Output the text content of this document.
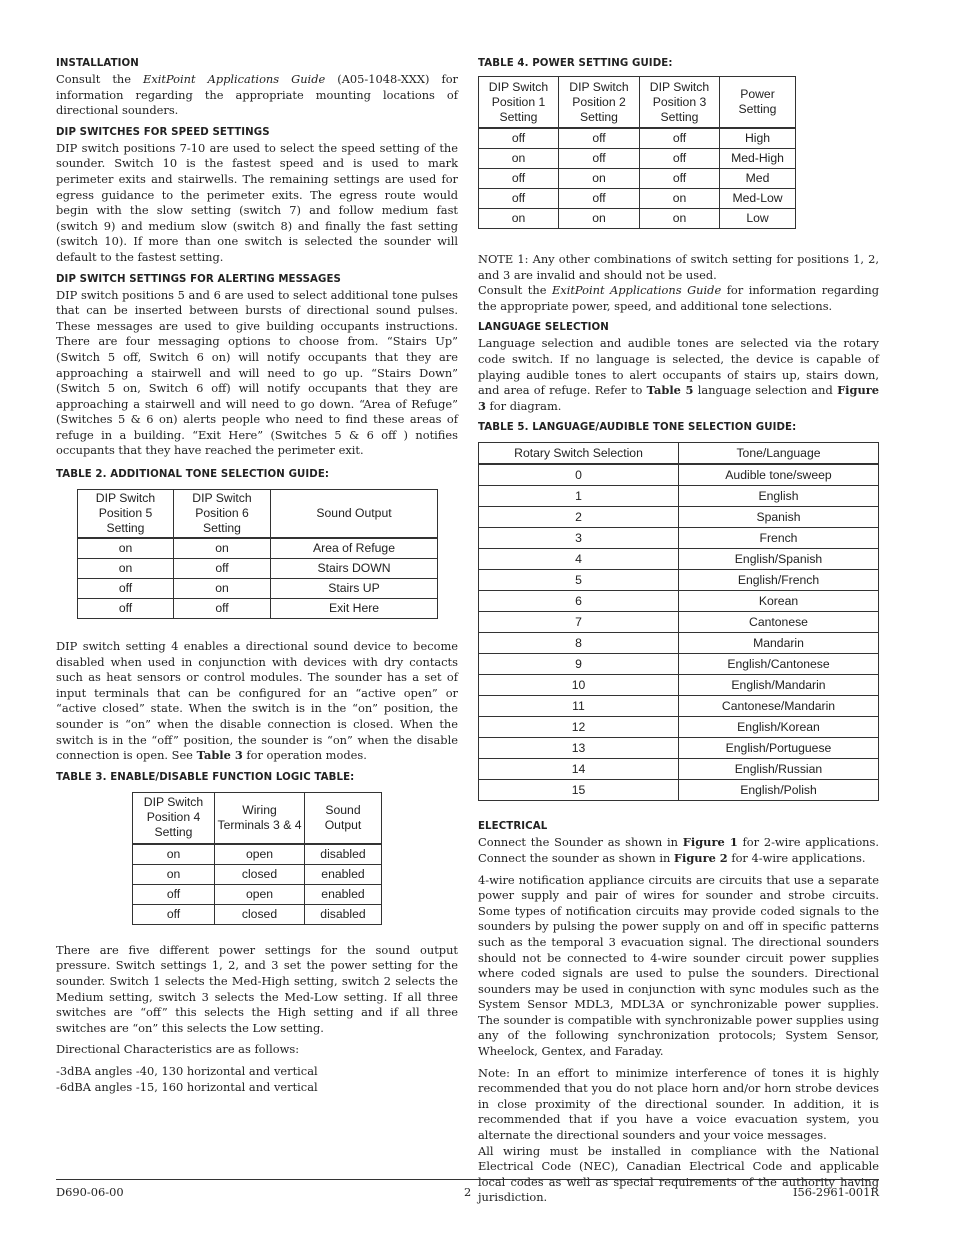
INSTALLATION

Consult the ExitPoint Applications Guide (A05-1048-XXX) for information regarding the appropriate mounting locations of directional sounders.

DIP SWITCHES FOR SPEED SETTINGS

DIP switch positions 7-10 are used to select the speed setting of the sounder. Switch 10 is the fastest speed and is used to mark perimeter exits and stairwells. The remaining settings are used for egress guidance to the perimeter exits. The egress route would begin with the slow setting (switch 7) and follow medium fast (switch 9) and medium slow (switch 8) and finally the fast setting (switch 10). If more than one switch is selected the sounder will default to the fastest setting.

DIP SWITCH SETTINGS FOR ALERTING MESSAGES

DIP switch positions 5 and 6 are used to select additional tone pulses that can be inserted between bursts of directional sound pulses. These messages are used to give building occupants instructions. There are four messaging options to choose from. “Stairs Up” (Switch 5 off, Switch 6 on) will notify occupants that they are approaching a stairwell and will need to go up. “Stairs Down” (Switch 5 on, Switch 6 off) will notify occupants that they are approaching a stairwell and will need to go down. “Area of Refuge” (Switches 5 & 6 on) alerts people who need to find these areas of refuge in a building. “Exit Here” (Switches 5 & 6 off ) notifies occupants that they have reached the perimeter exit.

TABLE 2. ADDITIONAL TONE SELECTION GUIDE:
DIP Switch Position 5 Setting	DIP Switch Position 6 Setting	Sound Output
on	on	Area of Refuge
on	off	Stairs DOWN
off	on	Stairs UP
off	off	Exit Here

DIP switch setting 4 enables a directional sound device to become disabled when used in conjunction with devices with dry contacts such as heat sensors or control modules. The sounder has a set of input terminals that can be configured for an “active open” or “active closed” state. When the switch is in the “on” position, the sounder is “on” when the disable connection is closed. When the switch is in the “off” position, the sounder is “on” when the disable connection is open. See Table 3 for operation modes.

TABLE 3. ENABLE/DISABLE FUNCTION LOGIC TABLE:
DIP Switch Position 4 Setting	Wiring Terminals 3 & 4	Sound Output
on	open	disabled
on	closed	enabled
off	open	enabled
off	closed	disabled

There are five different power settings for the sound output pressure. Switch settings 1, 2, and 3 set the power setting for the sounder. Switch 1 selects the Med-High setting, switch 2 selects the Medium setting, switch 3 selects the Med-Low setting. If all three switches are “off” this selects the High setting and if all three switches are “on” this selects the Low setting.

Directional Characteristics are as follows:

-3dBA angles -40, 130 horizontal and vertical

-6dBA angles -15, 160 horizontal and vertical

TABLE 4. POWER SETTING GUIDE:
DIP Switch Position 1 Setting	DIP Switch Position 2 Setting	DIP Switch Position 3 Setting	Power Setting
off	off	off	High
on	off	off	Med-High
off	on	off	Med
off	off	on	Med-Low
on	on	on	Low

NOTE 1: Any other combinations of switch setting for positions 1, 2, and 3 are invalid and should not be used.

Consult the ExitPoint Applications Guide for information regarding the appropriate power, speed, and additional tone selections.

LANGUAGE SELECTION

Language selection and audible tones are selected via the rotary code switch. If no language is selected, the device is capable of playing audible tones to alert occupants of stairs up, stairs down, and area of refuge. Refer to Table 5 language selection and Figure 3 for diagram.

TABLE 5. LANGUAGE/AUDIBLE TONE SELECTION GUIDE:
Rotary Switch Selection	Tone/Language
0	Audible tone/sweep
1	English
2	Spanish
3	French
4	English/Spanish
5	English/French
6	Korean
7	Cantonese
8	Mandarin
9	English/Cantonese
10	English/Mandarin
11	Cantonese/Mandarin
12	English/Korean
13	English/Portuguese
14	English/Russian
15	English/Polish
ELECTRICAL

Connect the Sounder as shown in Figure 1 for 2-wire applications. Connect the sounder as shown in Figure 2 for 4-wire applications.

4-wire notification appliance circuits are circuits that use a separate power supply and pair of wires for sounder and strobe circuits. Some types of notification circuits may provide coded signals to the sounders by pulsing the power supply on and off in specific patterns such as the temporal 3 evacuation signal. The directional sounders should not be connected to 4-wire sounder circuit power supplies where coded signals are used to pulse the sounders. Directional sounders may be used in conjunction with sync modules such as the System Sensor MDL3, MDL3A or synchronizable power supplies. The sounder is compatible with synchronizable power supplies using any of the following synchronization protocols; System Sensor, Wheelock, Gentex, and Faraday.

Note: In an effort to minimize interference of tones it is highly recommended that you do not place horn and/or horn strobe devices in close proximity of the directional sounder. In addition, it is recommended that if you have a voice evacuation system, you alternate the directional sounders and your voice messages.

All wiring must be installed in compliance with the National Electrical Code (NEC), Canadian Electrical Code and applicable local codes as well as special requirements of the authority having jurisdiction.

D690-06-00	2	I56-2961-001R
